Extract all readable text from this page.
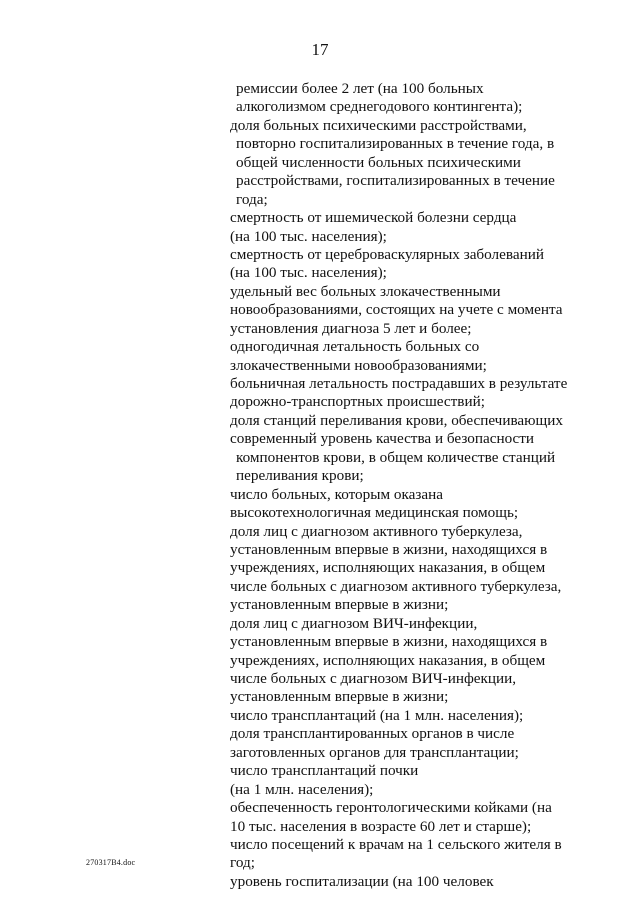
17
ремиссии более 2 лет (на 100 больных
алкоголизмом среднегодового контингента);
доля больных психическими расстройствами,
повторно госпитализированных в течение года, в
общей численности больных психическими
расстройствами, госпитализированных в течение
года;
смертность от ишемической болезни сердца
(на 100 тыс. населения);
смертность от цереброваскулярных заболеваний
(на 100 тыс. населения);
удельный вес больных злокачественными
новообразованиями, состоящих на учете с момента
установления диагноза 5 лет и более;
одногодичная летальность больных со
злокачественными новообразованиями;
больничная летальность пострадавших в результате
дорожно-транспортных происшествий;
доля станций переливания крови, обеспечивающих
современный уровень качества и безопасности
компонентов крови, в общем количестве станций
переливания крови;
число больных, которым оказана
высокотехнологичная медицинская помощь;
доля лиц с диагнозом активного туберкулеза,
установленным впервые в жизни, находящихся в
учреждениях, исполняющих наказания, в общем
числе больных с диагнозом активного туберкулеза,
установленным впервые в жизни;
доля лиц с диагнозом ВИЧ-инфекции,
установленным впервые в жизни, находящихся в
учреждениях, исполняющих наказания, в общем
числе больных с диагнозом ВИЧ-инфекции,
установленным впервые в жизни;
число трансплантаций (на 1 млн. населения);
доля трансплантированных органов в числе
заготовленных органов для трансплантации;
число трансплантаций почки
(на 1 млн. населения);
обеспеченность геронтологическими койками (на
10 тыс. населения в возрасте 60 лет и старше);
число посещений к врачам на 1 сельского жителя в
год;
уровень госпитализации (на 100 человек
270317B4.doc
